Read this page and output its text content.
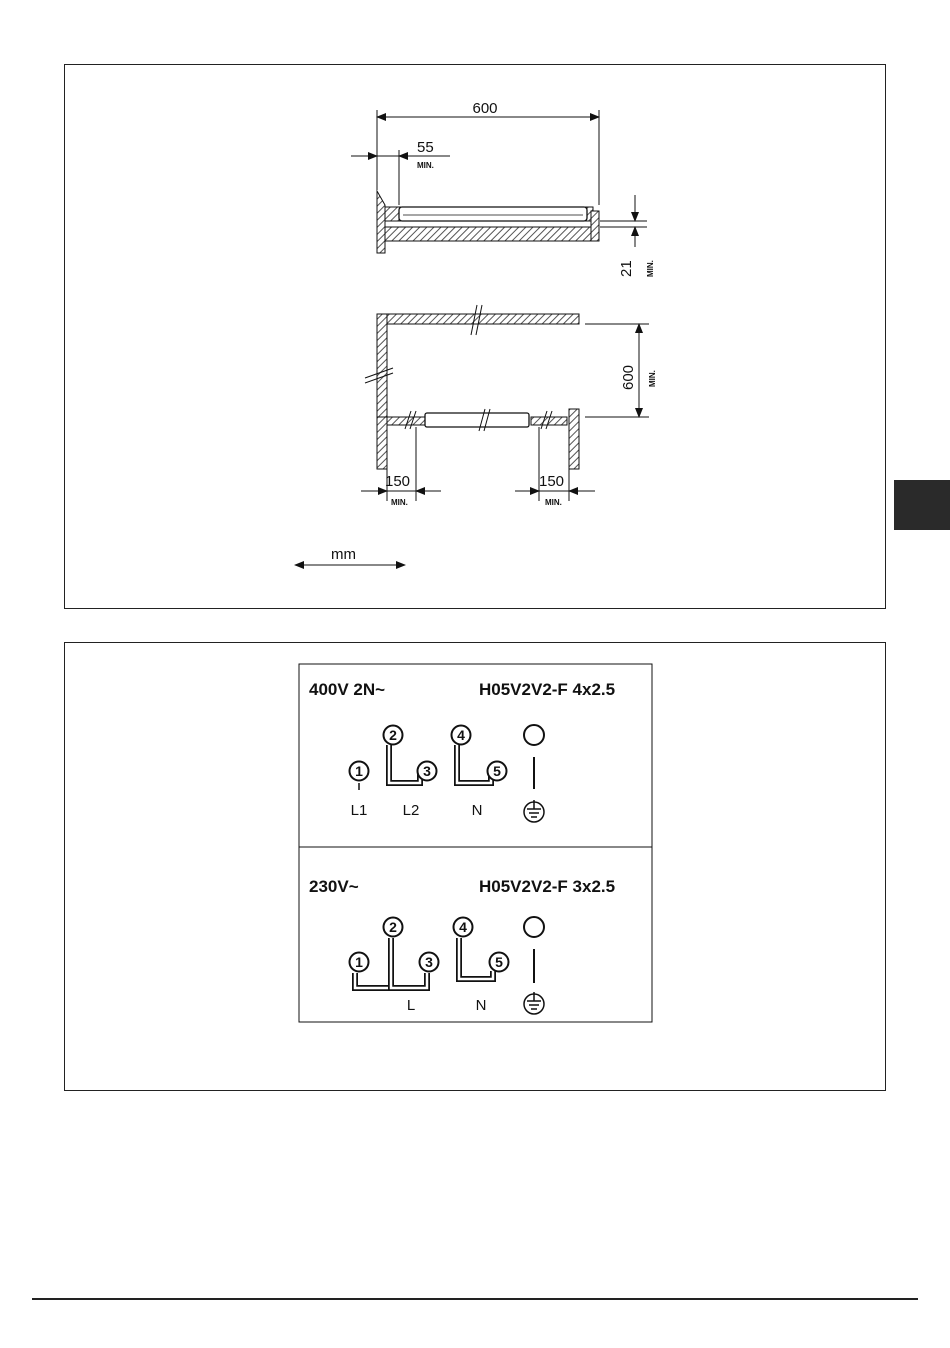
600
55
MIN.
21 MIN.
600 MIN.
150
MIN.
150
MIN.
mm
400V 2N~	H05V2V2-F 4x2.5
1
2
3
4
5
L1 L2	N
230V~	H05V2V2-F 3x2.5
1
2
3
4
5
L	N
